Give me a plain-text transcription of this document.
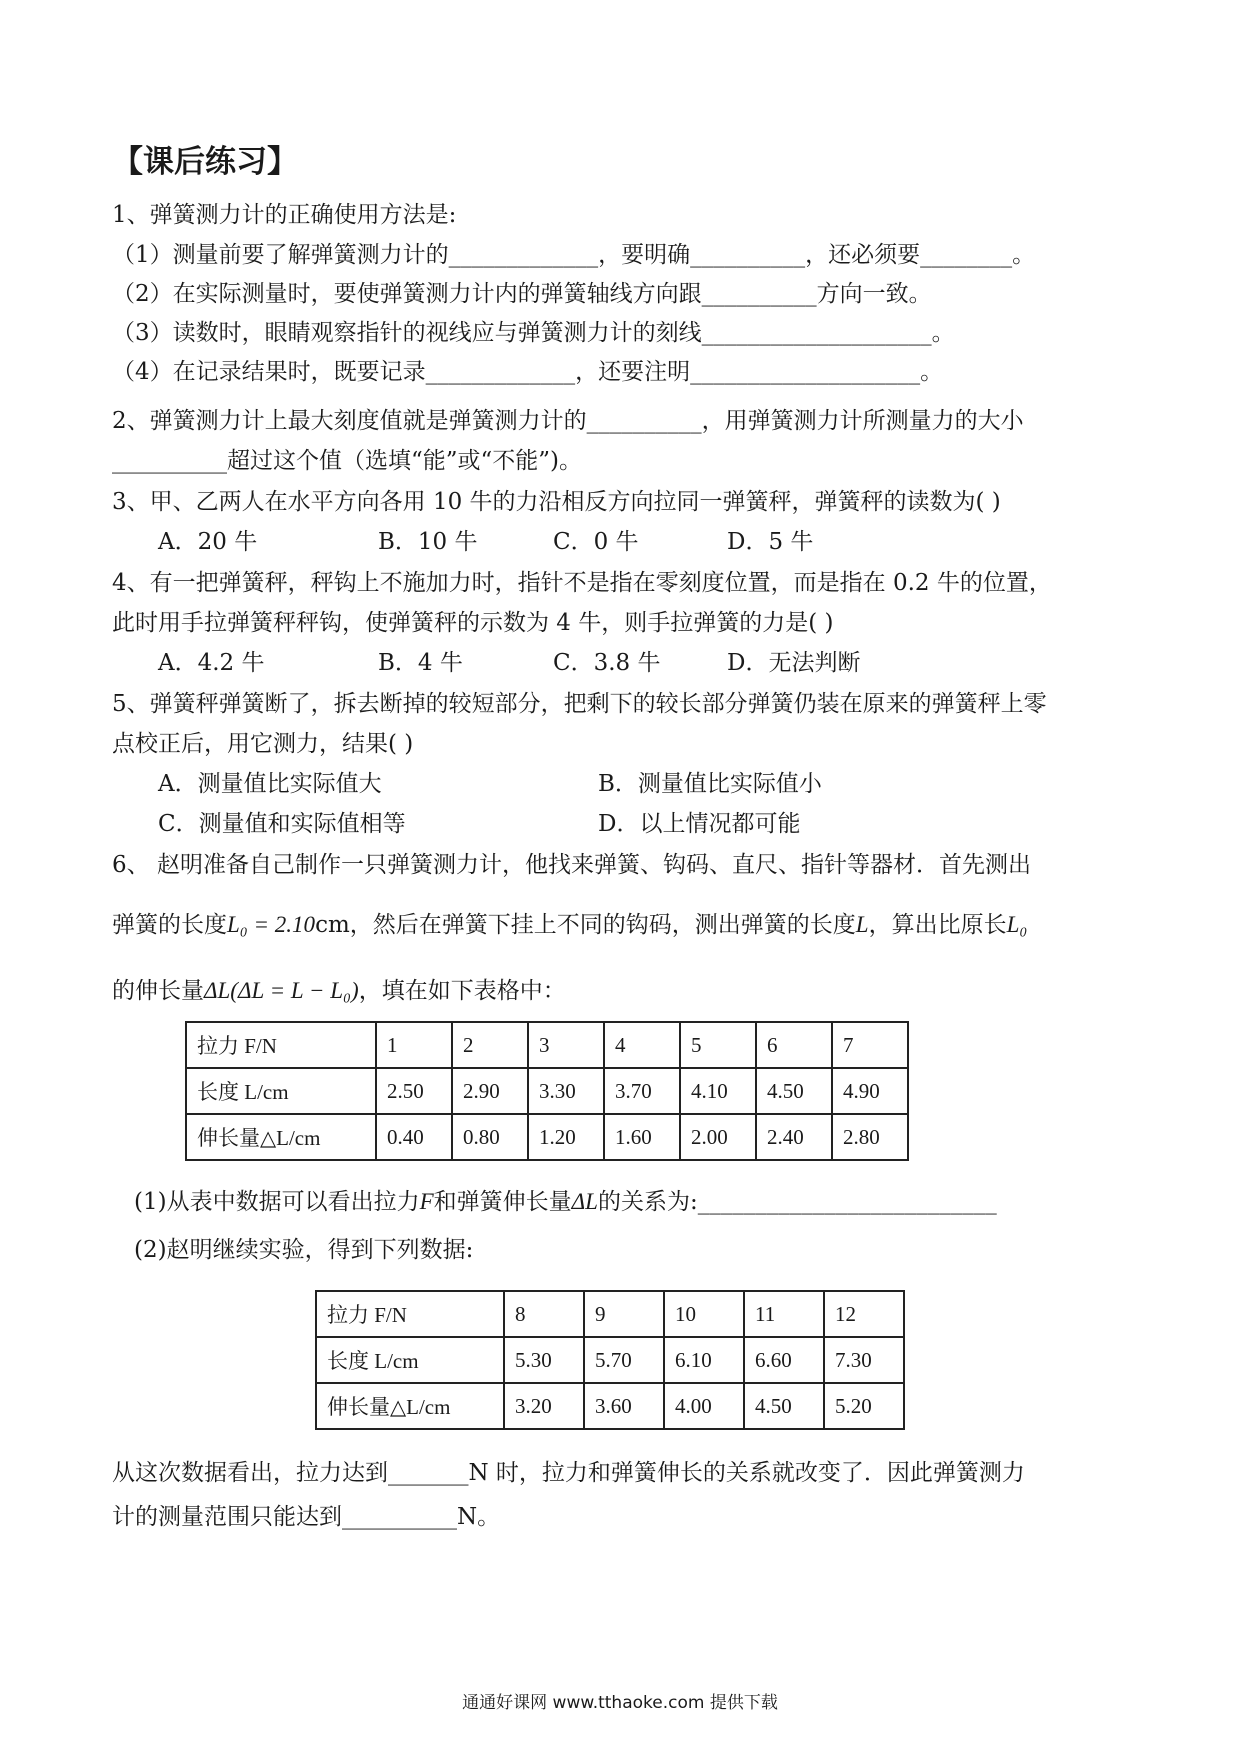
【课后练习】
1、弹簧测力计的正确使用方法是:
（1）测量前要了解弹簧测力计的_____________，要明确__________，还必须要________。
（2）在实际测量时，要使弹簧测力计内的弹簧轴线方向跟__________方向一致。
（3）读数时，眼睛观察指针的视线应与弹簧测力计的刻线____________________。
（4）在记录结果时，既要记录_____________，还要注明____________________。
2、弹簧测力计上最大刻度值就是弹簧测力计的__________，用弹簧测力计所测量力的大小
__________超过这个值（选填“能”或“不能”)。
3、甲、乙两人在水平方向各用 10 牛的力沿相反方向拉同一弹簧秤，弹簧秤的读数为( )
A．20 牛	B．10 牛	C．0 牛	D．5 牛
4、有一把弹簧秤，秤钩上不施加力时，指针不是指在零刻度位置，而是指在 0.2 牛的位置，
此时用手拉弹簧秤秤钩，使弹簧秤的示数为 4 牛，则手拉弹簧的力是( )
A．4.2 牛	B．4 牛	C．3.8 牛	D．无法判断
5、弹簧秤弹簧断了，拆去断掉的较短部分，把剩下的较长部分弹簧仍装在原来的弹簧秤上零
点校正后，用它测力，结果( )
A．测量值比实际值大	B．测量值比实际值小
C．测量值和实际值相等	D．以上情况都可能
6、 赵明准备自己制作一只弹簧测力计，他找来弹簧、钩码、直尺、指针等器材．首先测出
弹簧的长度L₀ = 2.10cm，然后在弹簧下挂上不同的钩码，测出弹簧的长度L，算出比原长L₀
的伸长量ΔL(ΔL = L − L₀)，填在如下表格中：
拉力 F/N	1	2	3	4	5	6	7
长度 L/cm	2.50	2.90	3.30	3.70	4.10	4.50	4.90
伸长量△L/cm	0.40	0.80	1.20	1.60	2.00	2.40	2.80
(1)从表中数据可以看出拉力F和弹簧伸长量ΔL的关系为:__________________________
(2)赵明继续实验，得到下列数据:
拉力 F/N	8	9	10	11	12
长度 L/cm	5.30	5.70	6.10	6.60	7.30
伸长量△L/cm	3.20	3.60	4.00	4.50	5.20
从这次数据看出，拉力达到_______N 时，拉力和弹簧伸长的关系就改变了．因此弹簧测力
计的测量范围只能达到__________N。
通通好课网 www.tthaoke.com 提供下载
